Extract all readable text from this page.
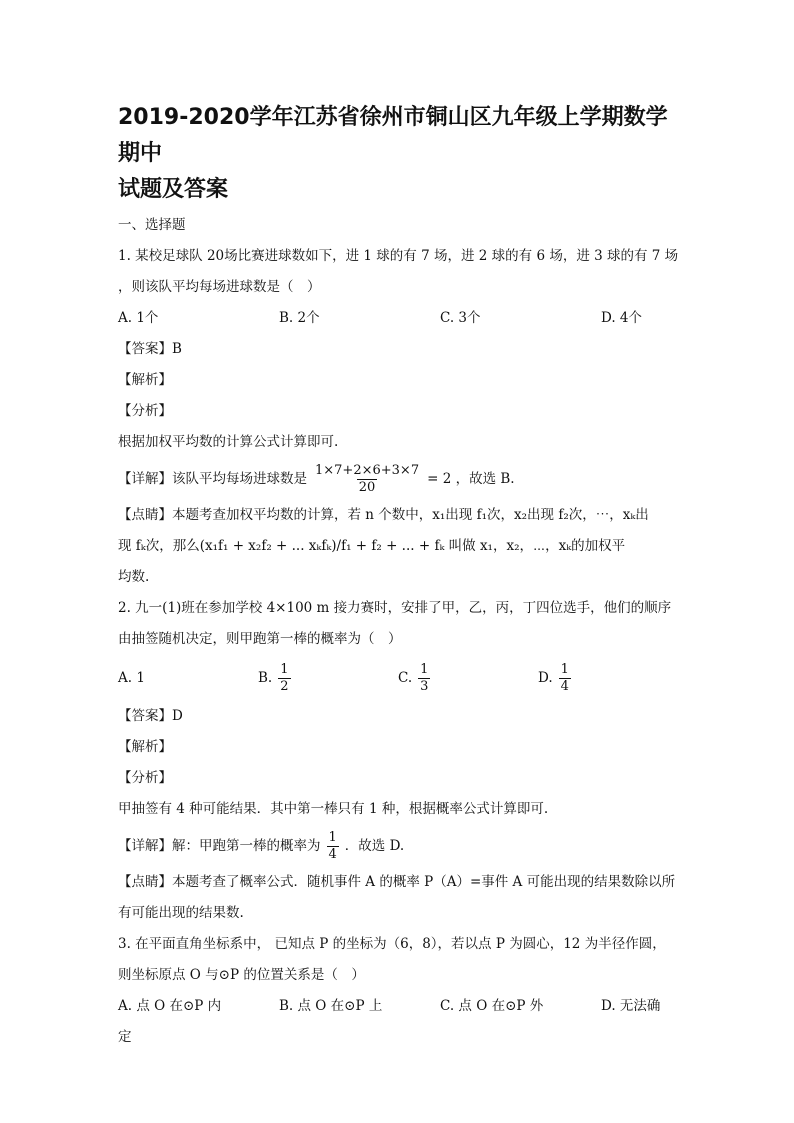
2019-2020学年江苏省徐州市铜山区九年级上学期数学期中
试题及答案
一、选择题
1. 某校足球队 20场比赛进球数如下，进 1 球的有 7 场，进 2 球的有 6 场，进 3 球的有 7 场
，则该队平均每场进球数是（　）
A. 1个	B. 2个	C. 3个	D. 4个
【答案】B
【解析】
【分析】
根据加权平均数的计算公式计算即可.
【详解】该队平均每场进球数是 $\frac{1\times 7+2\times 6+3\times 7}{20} = 2$ ，故选 B.
【点睛】本题考查加权平均数的计算，若 n 个数中，x₁出现 f₁次，x₂出现 f₂次，⋯，xₖ出
现 fₖ次，那么(x₁f₁ + x₂f₂ + ... xₖfₖ)/f₁ + f₂ + ... + fₖ 叫做 x₁，x₂，⋯，xₖ的加权平
均数.
2. 九一(1)班在参加学校 4×100 m 接力赛时，安排了甲，乙，丙，丁四位选手，他们的顺序
由抽签随机决定，则甲跑第一棒的概率为（　）
A. 1	B. $\frac{1}{2}$	C. $\frac{1}{3}$	D. $\frac{1}{4}$
【答案】D
【解析】
【分析】
甲抽签有 4 种可能结果．其中第一棒只有 1 种，根据概率公式计算即可.
【详解】解：甲跑第一棒的概率为 $\frac{1}{4}$ ．故选 D.
【点睛】本题考查了概率公式．随机事件 A 的概率 P（A）=事件 A 可能出现的结果数除以所
有可能出现的结果数.
3. 在平面直角坐标系中， 已知点 P 的坐标为（6，8），若以点 P 为圆心，12 为半径作圆，
则坐标原点 O 与⊙P 的位置关系是（　）
A. 点 O 在⊙P 内	B. 点 O 在⊙P 上	C. 点 O 在⊙P 外	D. 无法确
定
